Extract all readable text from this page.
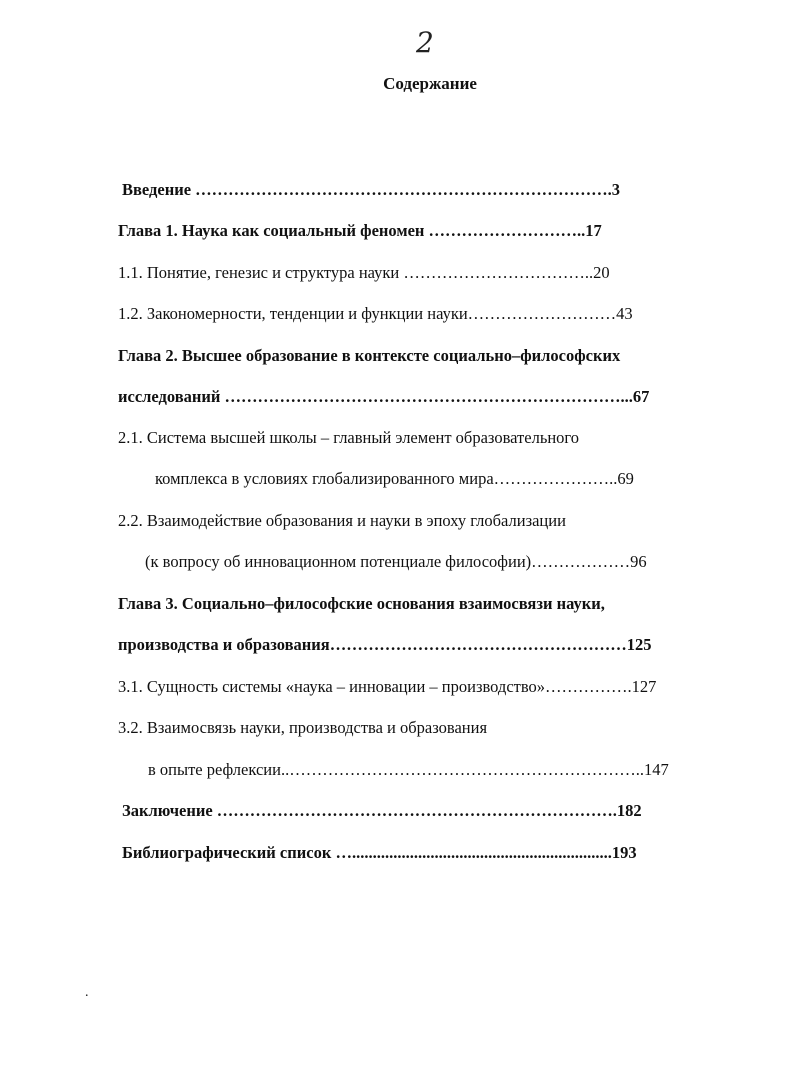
2
Содержание
Введение ………………………………………………………………….3
Глава 1. Наука как социальный феномен ………………………..17
1.1. Понятие, генезис и структура науки ……………………………..20
1.2. Закономерности, тенденции и функции науки………………………43
Глава 2. Высшее образование в контексте социально–философских
исследований ………………………………………………………………...67
2.1. Система высшей школы – главный элемент образовательного
комплекса в условиях глобализированного мира…………………..69
2.2. Взаимодействие образования и науки в эпоху глобализации
(к вопросу об инновационном потенциале философии)………………96
Глава 3. Социально–философские основания взаимосвязи науки,
производства и образования………………………………………………125
3.1. Сущность системы «наука – инновации – производство»…………….127
3.2. Взаимосвязь науки, производства и образования
в опыте рефлексии..………………………………………………………..147
Заключение ……………………………………………………………….182
Библиографический список …...............................................................193
.
